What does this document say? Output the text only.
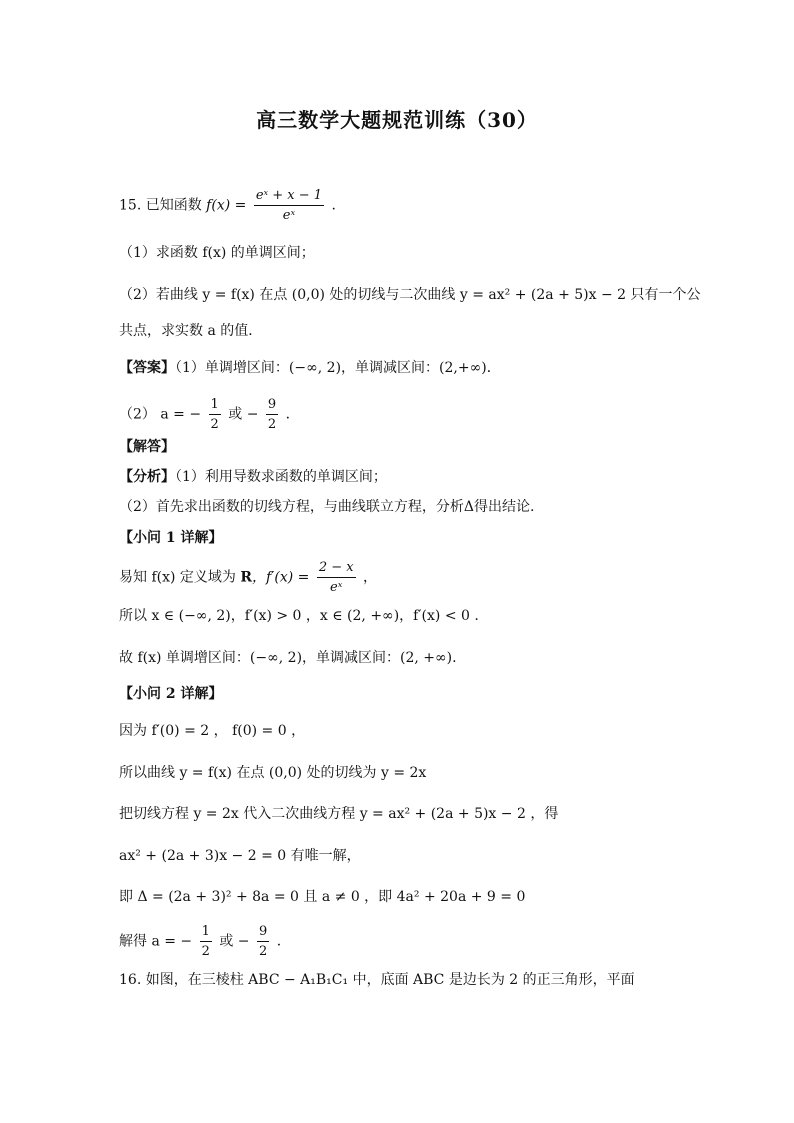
高三数学大题规范训练（30）
15. 已知函数 $f(x) = \frac{\text{eˣ + x − 1}}{\text{eˣ}}$ .
（1）求函数 f(x) 的单调区间；
（2）若曲线 y = f(x) 在点 (0,0) 处的切线与二次曲线 y = ax² + (2a + 5)x − 2 只有一个公
共点，求实数 a 的值．
【答案】（1）单调增区间：(−∞, 2)，单调减区间：(2,+∞)．
（2） a = − $\frac{1}{2}$ 或 − $\frac{9}{2}$ ．
【解答】
【分析】（1）利用导数求函数的单调区间；
（2）首先求出函数的切线方程，与曲线联立方程，分析Δ得出结论.
【小问 1 详解】
易知 f(x) 定义域为 R，$f'(x) = \frac{2 - x}{\text{eˣ}}$ ，
所以 x ∈ (−∞, 2)，f′(x) > 0 ，x ∈ (2, +∞)，f′(x) < 0 .
故 f(x) 单调增区间：(−∞, 2)，单调减区间：(2, +∞).
【小问 2 详解】
因为 f′(0) = 2 ， f(0) = 0 ，
所以曲线 y = f(x) 在点 (0,0) 处的切线为 y = 2x
把切线方程 y = 2x 代入二次曲线方程 y = ax² + (2a + 5)x − 2 ，得
ax² + (2a + 3)x − 2 = 0 有唯一解，
即 Δ = (2a + 3)² + 8a = 0 且 a ≠ 0 ，即 4a² + 20a + 9 = 0
解得 a = − $\frac{1}{2}$ 或 − $\frac{9}{2}$ ．
16. 如图，在三棱柱 ABC − A₁B₁C₁ 中，底面 ABC 是边长为 2 的正三角形，平面
